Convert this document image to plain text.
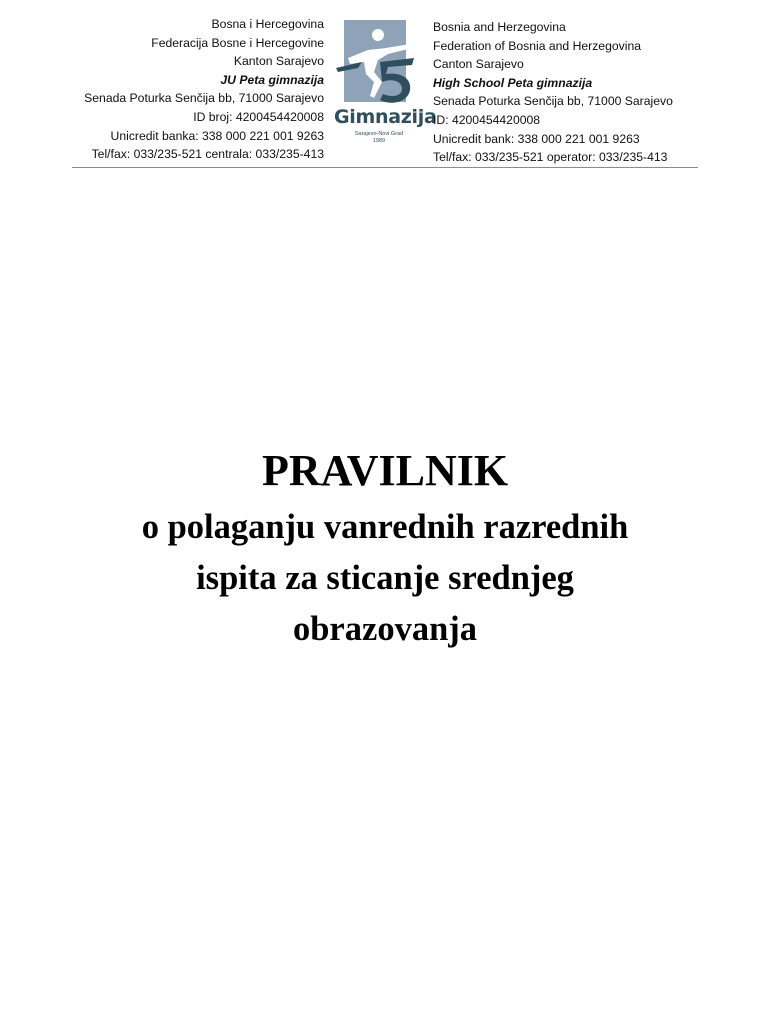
Bosna i Hercegovina
Federacija Bosne i Hercegovine
Kanton Sarajevo
JU Peta gimnazija
Senada Poturka Senčija bb, 71000 Sarajevo
ID broj: 4200454420008
Unicredit banka: 338 000 221 001 9263
Tel/fax: 033/235-521 centrala: 033/235-413
Gimnazija
Sarajevo-Novi Grad
1989
Bosnia and Herzegovina
Federation of Bosnia and Herzegovina
Canton Sarajevo
High School Peta gimnazija
Senada Poturka Senčija bb, 71000 Sarajevo
ID: 4200454420008
Unicredit bank: 338 000 221 001 9263
Tel/fax: 033/235-521 operator: 033/235-413
PRAVILNIK
o polaganju vanrednih razrednih
ispita za sticanje srednjeg
obrazovanja
